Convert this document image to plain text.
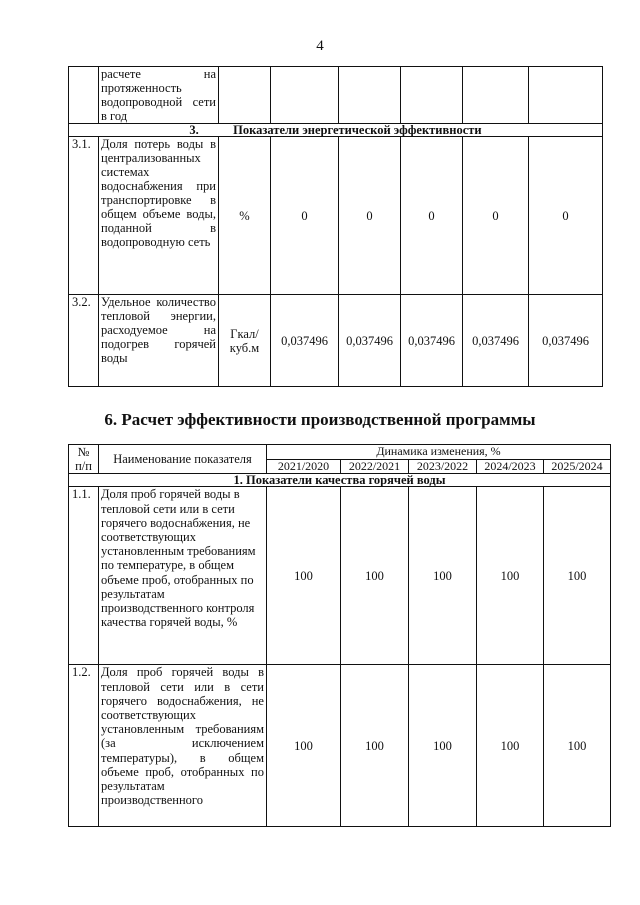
4
	расчете на протяженность водопроводной сети в год						
3. Показатели энергетической эффективности							
3.1.	Доля потерь воды в централизованных системах водоснабжения при транспортировке в общем объеме воды, поданной в водопроводную сеть	%	0	0	0	0	0
3.2.	Удельное количество тепловой энергии, расходуемое на подогрев горячей воды	Гкал/ куб.м	0,037496	0,037496	0,037496	0,037496	0,037496
6. Расчет эффективности производственной программы
№ п/п	Наименование показателя	Динамика изменения, %				
		2021/2020	2022/2021	2023/2022	2024/2023	2025/2024
1. Показатели качества горячей воды						
1.1.	Доля проб горячей воды в тепловой сети или в сети горячего водоснабжения, не соответствующих установленным требованиям по температуре, в общем объеме проб, отобранных по результатам производственного контроля качества горячей воды, %	100	100	100	100	100
1.2.	Доля проб горячей воды в тепловой сети или в сети горячего водоснабжения, не соответствующих установленным требованиям (за исключением температуры), в общем объеме проб, отобранных по результатам производственного	100	100	100	100	100
